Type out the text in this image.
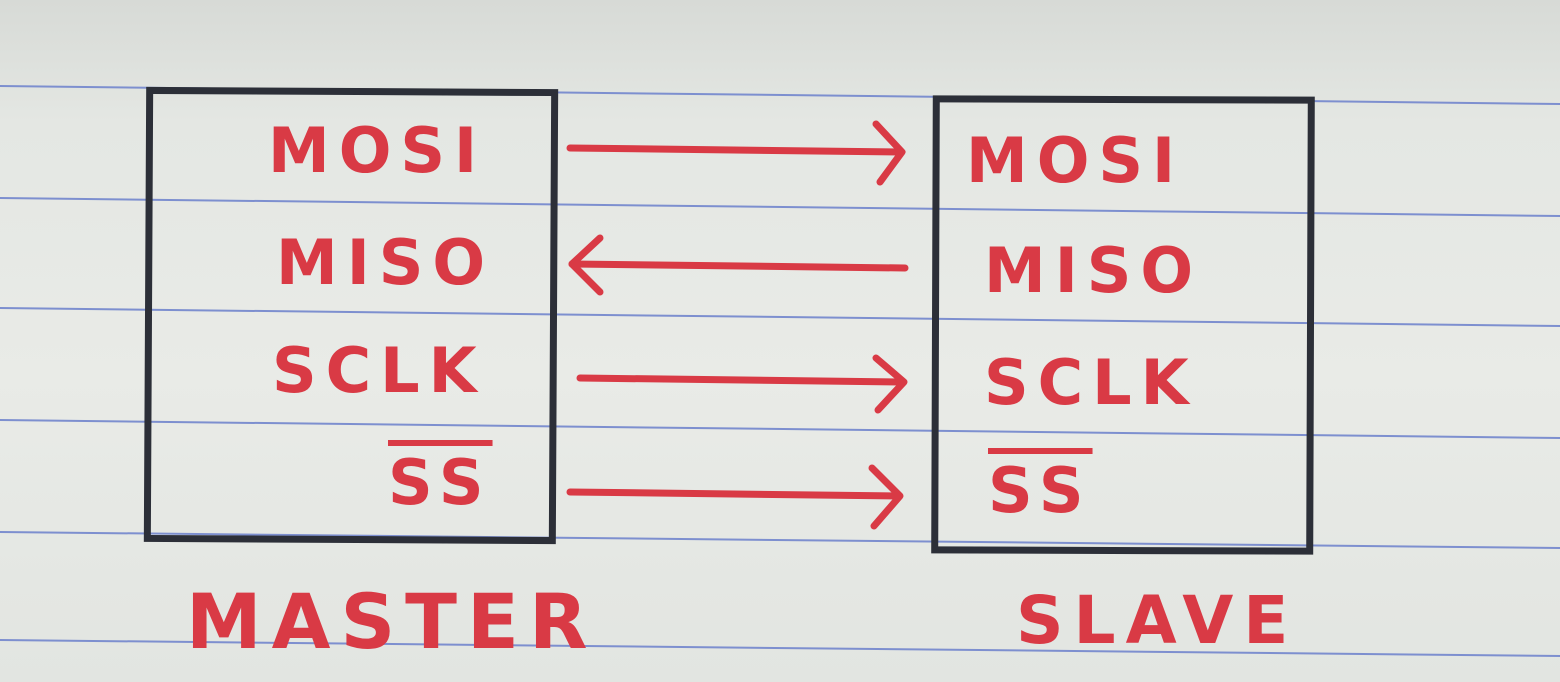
MOSI
MISO
SCLK
$\overline{SS}$
MOSI
MISO
SCLK
$\overline{SS}$
MASTER	SLAVE
